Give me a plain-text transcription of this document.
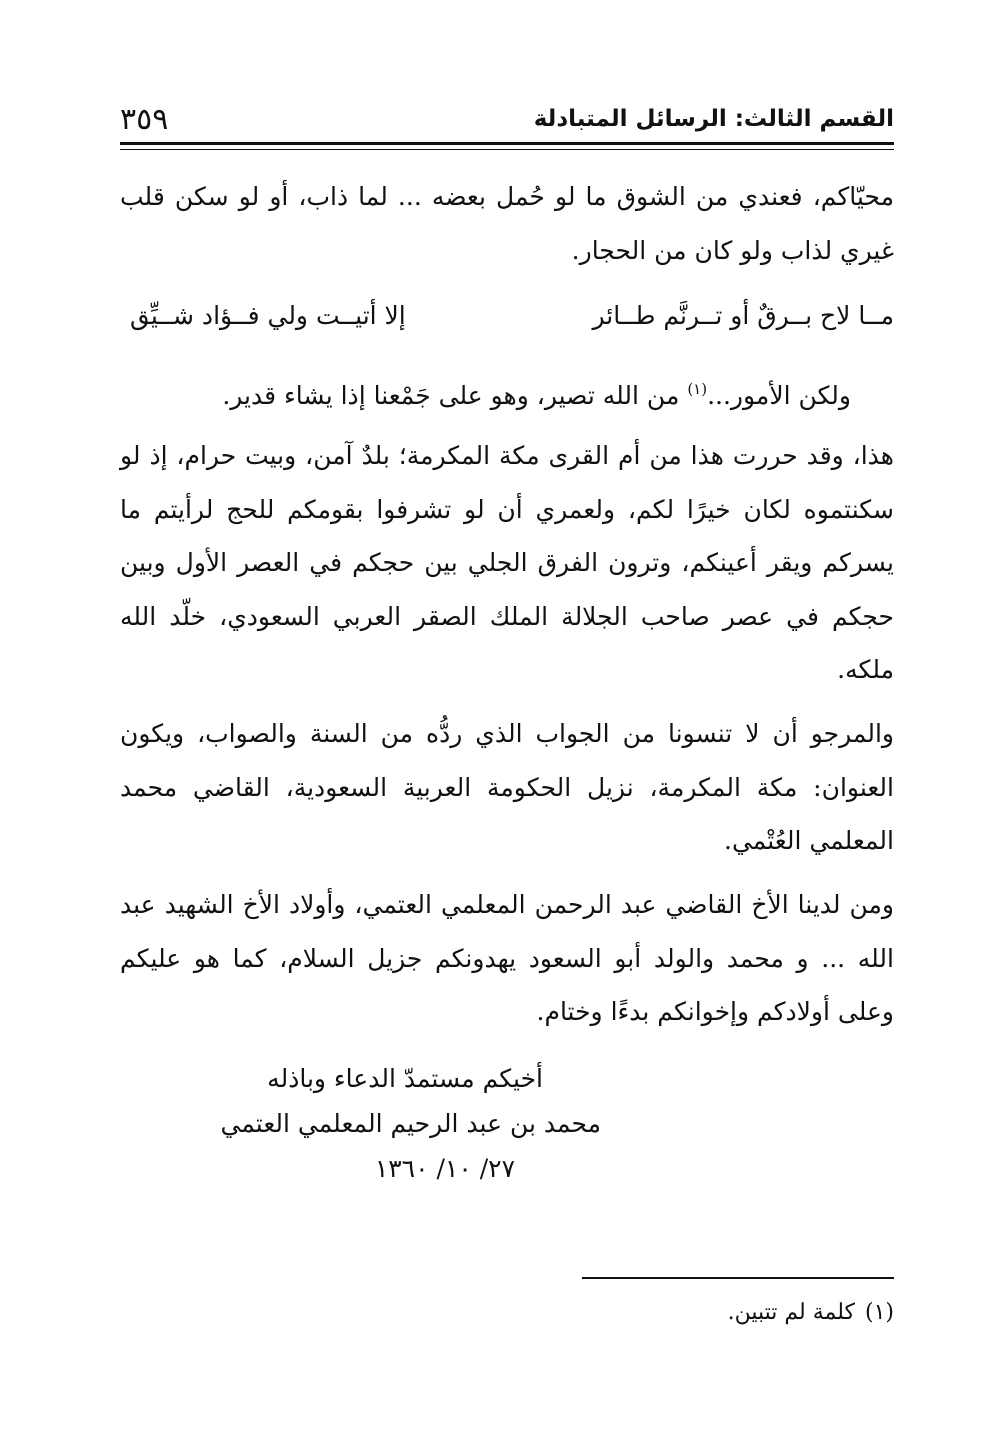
القسم الثالث: الرسائل المتبادلة
٣٥٩

محيّاكم، فعندي من الشوق ما لو حُمل بعضه ... لما ذاب، أو لو سكن قلب غيري لذاب ولو كان من الحجار.

مــا لاح بــرقٌ أو تــرنَّم طــائر
إلا أتيــت ولي فــؤاد شــيِّق
ولكن الأمور...$^{(١)}$ من الله تصير، وهو على جَمْعنا إذا يشاء قدير.

هذا، وقد حررت هذا من أم القرى مكة المكرمة؛ بلدٌ آمن، وبيت حرام، إذ لو سكنتموه لكان خيرًا لكم، ولعمري أن لو تشرفوا بقومكم للحج لرأيتم ما يسركم ويقر أعينكم، وترون الفرق الجلي بين حجكم في العصر الأول وبين حجكم في عصر صاحب الجلالة الملك الصقر العربي السعودي، خلّد الله ملكه.

والمرجو أن لا تنسونا من الجواب الذي ردُّه من السنة والصواب، ويكون العنوان: مكة المكرمة، نزيل الحكومة العربية السعودية، القاضي محمد المعلمي العُتْمي.

ومن لدينا الأخ القاضي عبد الرحمن المعلمي العتمي، وأولاد الأخ الشهيد عبد الله ... و محمد والولد أبو السعود يهدونكم جزيل السلام، كما هو عليكم وعلى أولادكم وإخوانكم بدءًا وختام.

أخيكم مستمدّ الدعاء وباذله
محمد بن عبد الرحيم المعلمي العتمي
٢٧/ ١٠/ ١٣٦٠
(١)كلمة لم تتبين.
